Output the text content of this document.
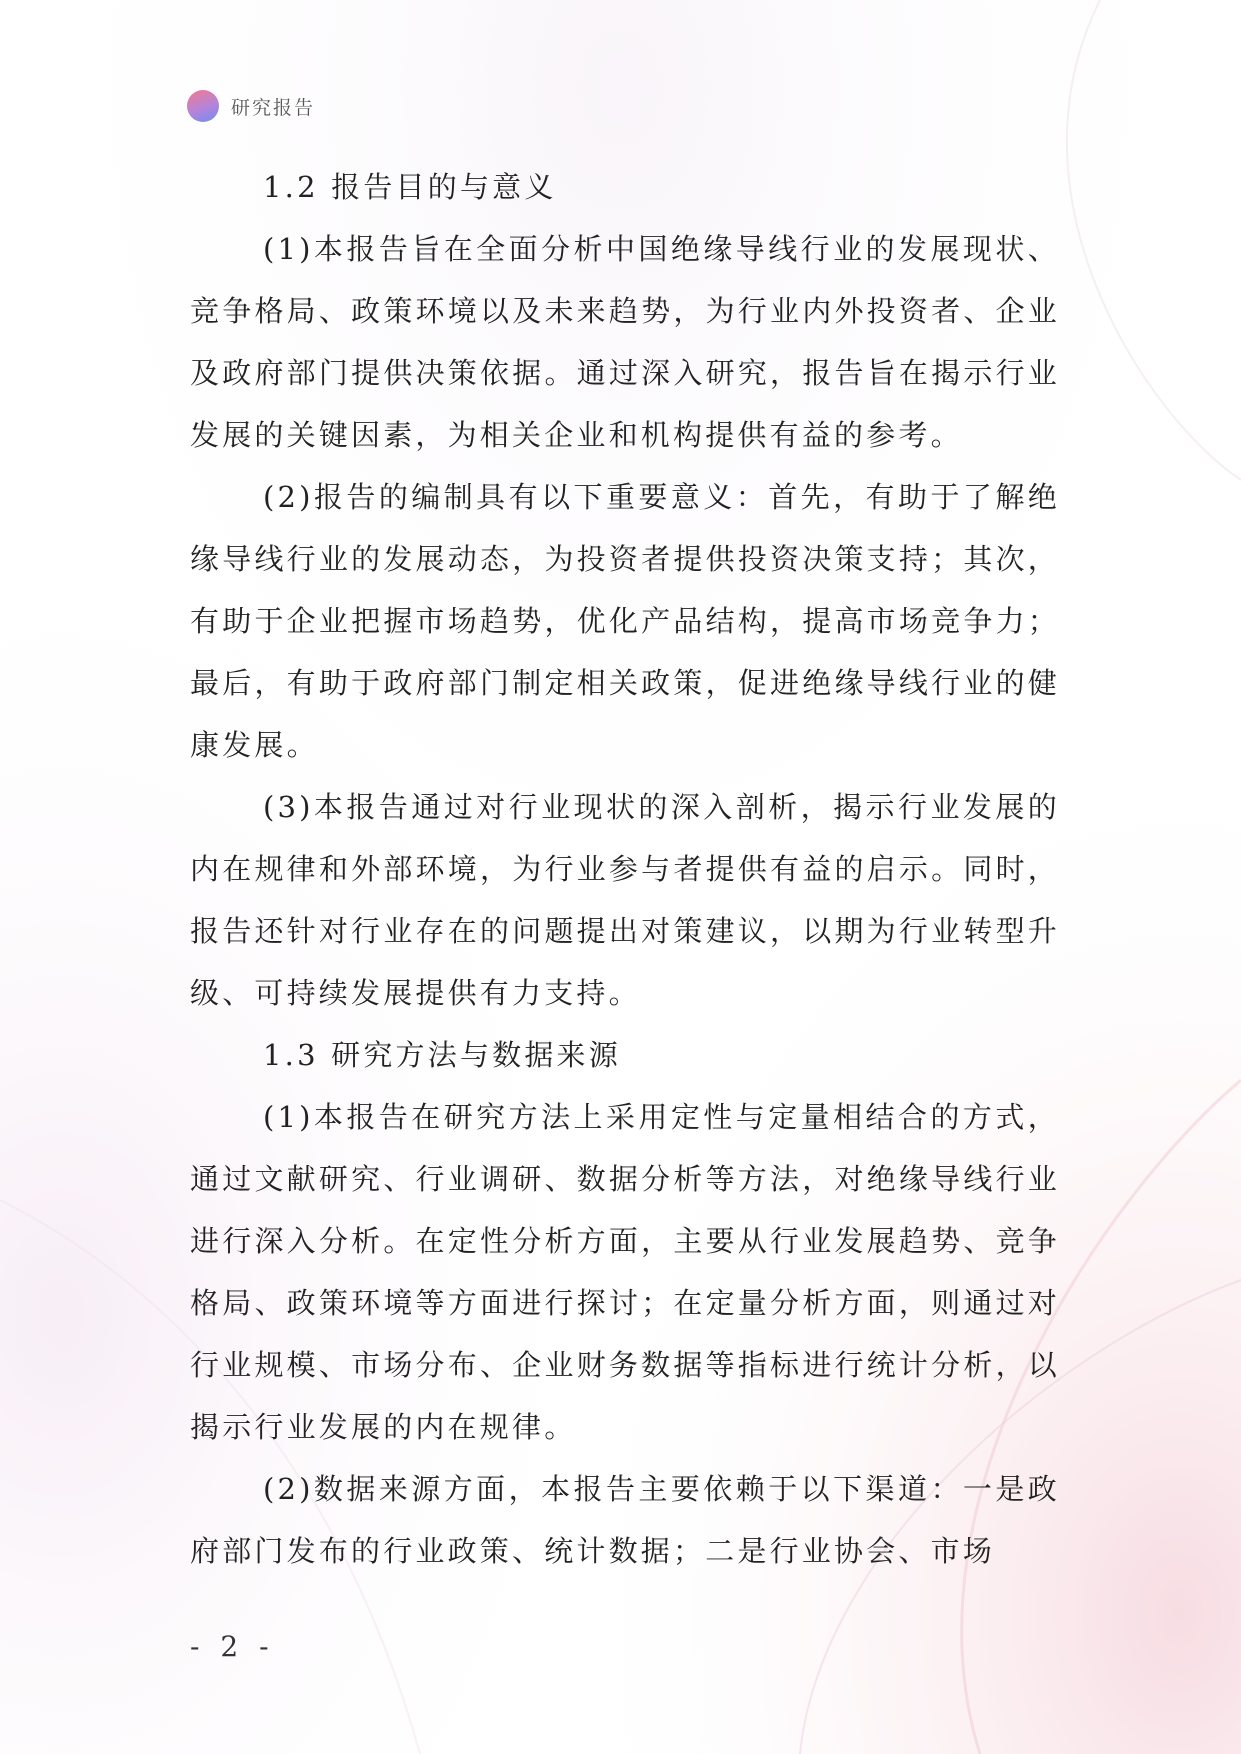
研究报告

1.2 报告目的与意义

(1)本报告旨在全面分析中国绝缘导线行业的发展现状、竞争格局、政策环境以及未来趋势，为行业内外投资者、企业及政府部门提供决策依据。通过深入研究，报告旨在揭示行业发展的关键因素，为相关企业和机构提供有益的参考。

(2)报告的编制具有以下重要意义：首先，有助于了解绝缘导线行业的发展动态，为投资者提供投资决策支持；其次，有助于企业把握市场趋势，优化产品结构，提高市场竞争力；最后，有助于政府部门制定相关政策，促进绝缘导线行业的健康发展。

(3)本报告通过对行业现状的深入剖析，揭示行业发展的内在规律和外部环境，为行业参与者提供有益的启示。同时，报告还针对行业存在的问题提出对策建议，以期为行业转型升级、可持续发展提供有力支持。

1.3 研究方法与数据来源

(1)本报告在研究方法上采用定性与定量相结合的方式，通过文献研究、行业调研、数据分析等方法，对绝缘导线行业进行深入分析。在定性分析方面，主要从行业发展趋势、竞争格局、政策环境等方面进行探讨；在定量分析方面，则通过对行业规模、市场分布、企业财务数据等指标进行统计分析，以揭示行业发展的内在规律。

(2)数据来源方面，本报告主要依赖于以下渠道：一是政府部门发布的行业政策、统计数据；二是行业协会、市场

- 2 -
